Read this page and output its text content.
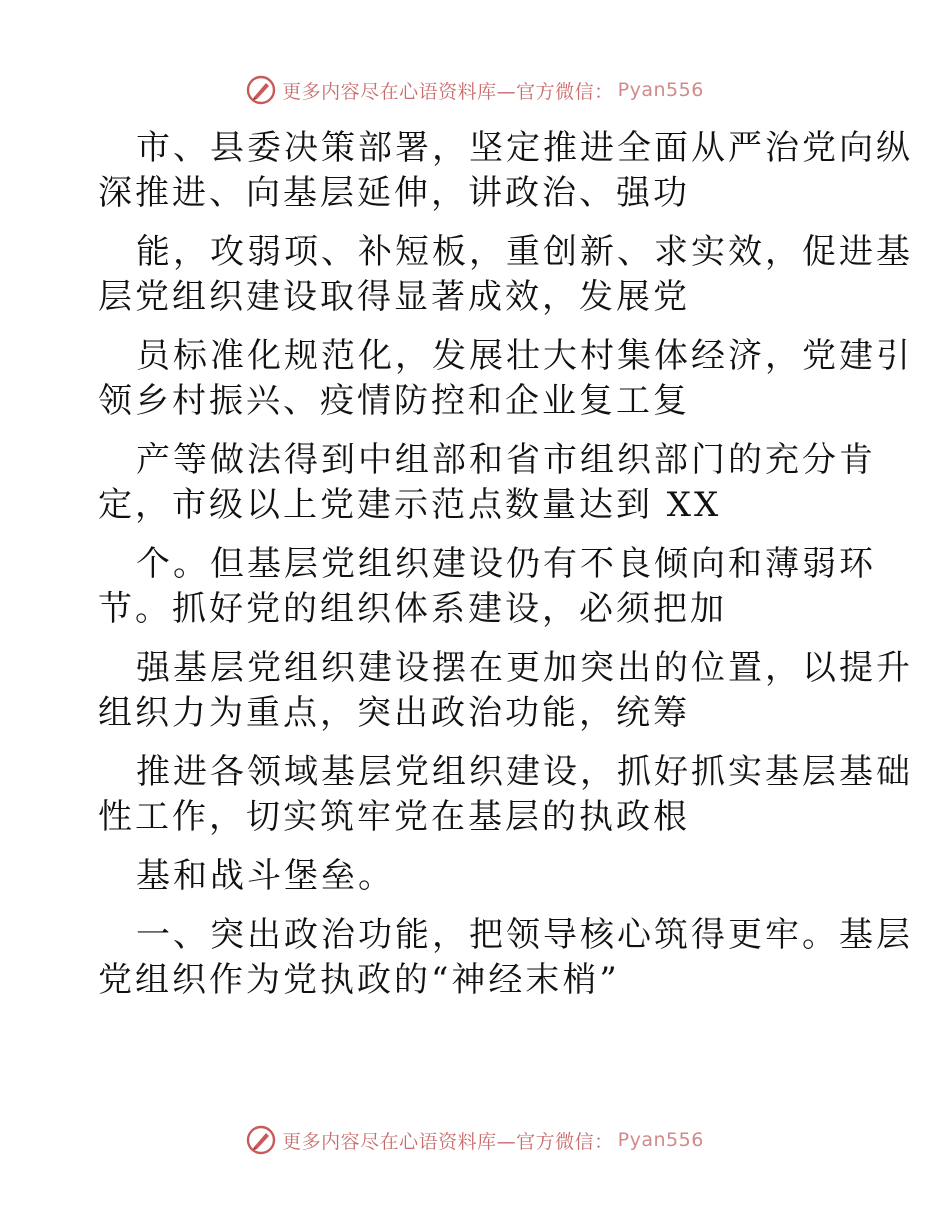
更多内容尽在心语资料库—官方微信： Pyan556
市、县委决策部署，坚定推进全面从严治党向纵
深推进、向基层延伸，讲政治、强功
能，攻弱项、补短板，重创新、求实效，促进基
层党组织建设取得显著成效，发展党
员标准化规范化，发展壮大村集体经济，党建引
领乡村振兴、疫情防控和企业复工复
产等做法得到中组部和省市组织部门的充分肯
定，市级以上党建示范点数量达到 XX
个。但基层党组织建设仍有不良倾向和薄弱环
节。抓好党的组织体系建设，必须把加
强基层党组织建设摆在更加突出的位置，以提升
组织力为重点，突出政治功能，统筹
推进各领域基层党组织建设，抓好抓实基层基础
性工作，切实筑牢党在基层的执政根
基和战斗堡垒。
一、突出政治功能，把领导核心筑得更牢。基层
党组织作为党执政的“神经末梢”
更多内容尽在心语资料库—官方微信： Pyan556
